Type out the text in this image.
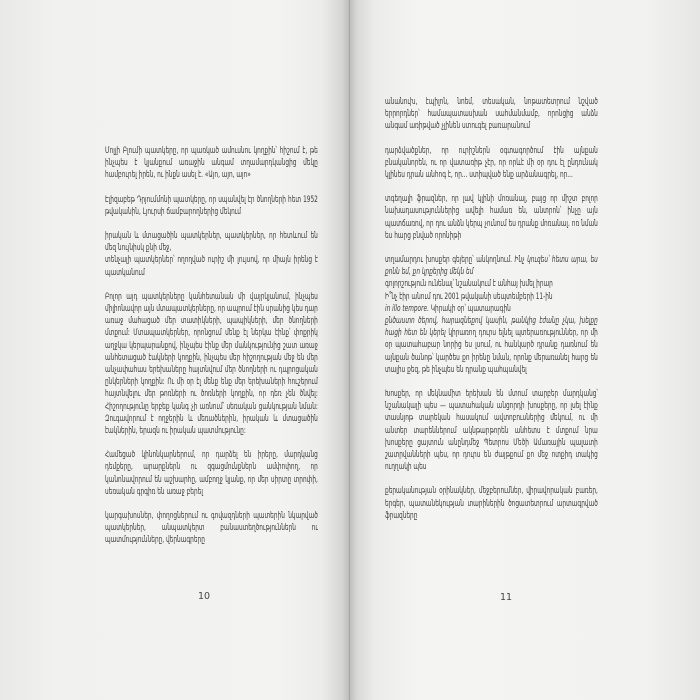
Մոլլի Բլումի պատկերը, որ պառկած ամուսնու կողքին՝ հիշում է, թե ինչպես է կյանքում առաջին անգամ տղամարդկանցից մեկը համբուրել իրեն, ու ինքն ասել է. «Այո, այո, այո»

Էլիզաբեթ Դրյումմոնի պատկերը, որ սպանվել էր ծնողների հետ 1952 թվականին, Լյուրսի ճամբարողներից մեկում

իրական և մտացածին պատկերներ, պատկերներ, որ հետևում են մեզ նույնիսկ քնի մեջ,
տենչալի պատկերներ՝ ողողված ուրիշ մի լույսով, որ միայն իրենց է պատկանում

Բոլոր այդ պատկերները կանհետանան մի վայրկյանում, ինչպես միլիոնավոր այն մտապատկերները, որ ապրում էին սրանից կես դար առաջ մահացած մեր տատիկների, պապիկների, մեր ծնողների մտքում: Մտապատկերներ, որոնցում մենք էլ ներկա էինք՝ փոքրիկ աղջկա կերպարանքով, ինչպես էինք մեր մանկությունից շատ առաջ անհետացած էակների կողքին, ինչպես մեր հիշողության մեջ են մեր անչափահաս երեխաները հայտնվում մեր ծնողների ու դպրոցական ընկերների կողքին: Ու մի օր էլ մենք ենք մեր երեխաների հուշերում հայտնվելու մեր թոռների ու ծոռների կողքին, որ դեռ չեն ծնվել: Հիշողությունը երբեք կանգ չի առնում՝ սեռական ցանկության նման: Զուգավորում է ողջերին և մեռածներին, իրական և մտացածին էակներին, երազն ու իրական պատմությունը:

Համեցած կինոնկարներում, որ դարձել են իրերը, մարդկանց դեմքերը, արարքներն ու զգացմունքներն ամփոփող, որ կանոնավորում են աշխարհը, ամբողջ կյանք, որ մեր սիրտը տրոփի, սեռական գրգիռ են առաջ բերել

կարգախոսներ, փողոցներում ու գովազդների պատերին նկարված պատկերներ, անպատկերտ բանաստեղծություններն ու պատմությունները, վերնագրերը

10

անանուխ, էպիլոն, նոեմ, տեսական, նոթատետրում նշված երրորդներ՝ համապատասխան սահմանմամբ, որոնցից անձն անգամ առիթված չլինեն ստուգել բառարանում

դարձվածքներ, որ ուրիշներն օգտագործում էին այնքան բնականորեն, ու որ վատառիթ չէր, որ որևէ մի օր դու էլ ընդունակ կլինես դրան անհոգ է, որ... ստիպված ենք արձանագրել, որ...

տգեղալի ֆրազներ, որ լավ կլինի մոռանալ, բայց որ միշտ բոլոր նախադասություններից ավելի համառ են, անտրոն՝ ինչը այն պատճառով, որ դու անձն կերպ չունում ես դրանք մոռանալ. ոռ նման ես հարց բնված որոնիթի

տղամարդու խոսքեր գեյերը՝ անկողնում. Ինչ կուզես՝ հետս արա, ես քոնն եմ, քո կրքերից մեկն եմ
գոլորշություն ունենալ՝ նշանակում է անհայ խմել իրար
Ի՞նչ էիր անում դու 2001 թվականի սեպտեմբերի 11-ին
in illo tempore. Կիրակի օր՝ պատարագին
քնծաստո ծերով, հարազնեքով կասին, թանկից էժանը չկա, խելքը հացի հետ են կերել կիրառող դուրս ելնել պտերառություններ, որ մի օր պատահաբար նորից ես լսում, ու հանկարծ դրանք դառնում են այնքան ծանոթ՝ կարծես քո իրենը նման, որոնք մերառանել հարց են տալիս քեզ, թե ինչպես են դրանք պահպանվել

Խոսքեր, որ մեկնամիտ երեխան են մտում տարբեր մարդկանց՝ նշանակալի պես — պատահական անցորդի խոսքերը, որ լսել էինք տասնյոթ տարեկան հասակում ավտոբուսներից մեկում, ու մի անտեր տարեններում ակնթարթորեն անհետս է մտքում նրա խոսքերը ցայտուն անընդմեջ Պետրոս Մեծի Ամառային պալատի շատրվանների պես, որ դուրս են ժայթքում քո մեջ ոտքիդ տակից ուղղակի պես

քերականության օրինակներ, մեջբերումներ, վիրավորական բառեր, երգեր, պատանեկության տարիներին ծոցատետրում արտագրված ֆրազները

11
